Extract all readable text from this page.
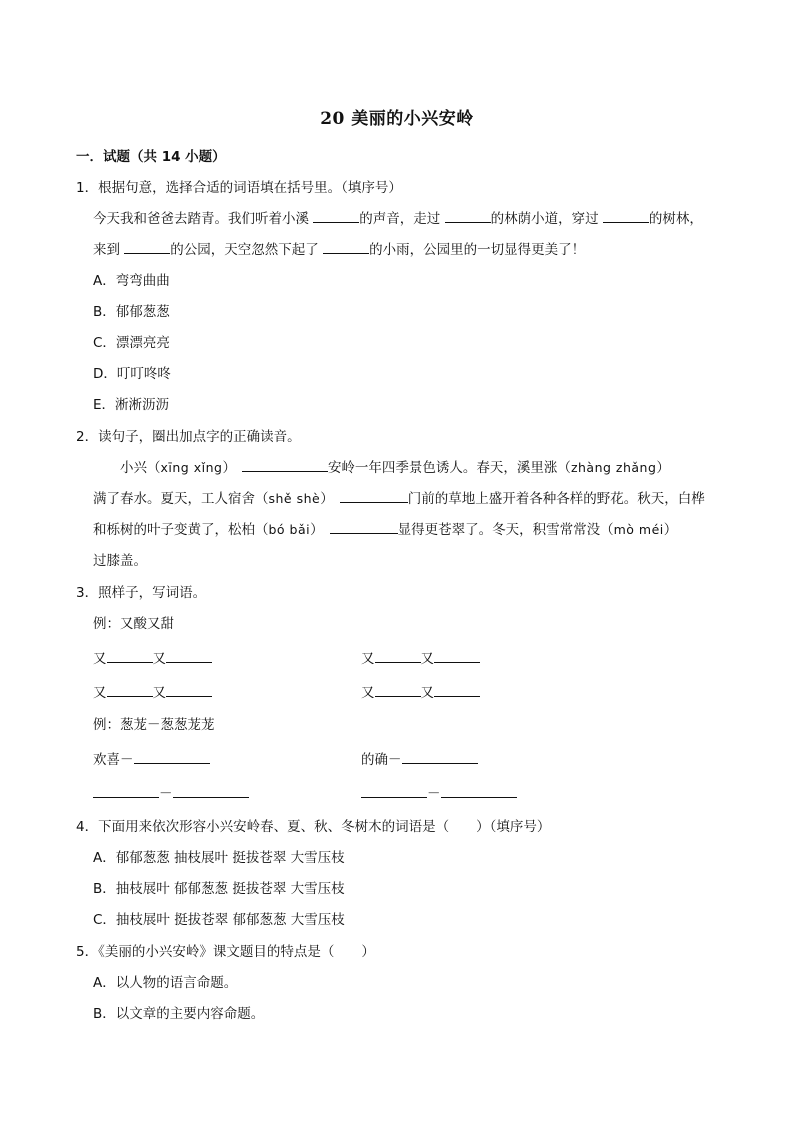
20 美丽的小兴安岭
一．试题（共 14 小题）
1．根据句意，选择合适的词语填在括号里。（填序号）
今天我和爸爸去踏青。我们听着小溪	的声音，走过	的林荫小道，穿过	的树林，
来到	的公园，天空忽然下起了	的小雨，公园里的一切显得更美了！
A．弯弯曲曲
B．郁郁葱葱
C．漂漂亮亮
D．叮叮咚咚
E．淅淅沥沥
2．读句子，圈出加点字的正确读音。
小兴（xīng xǐng）	安岭一年四季景色诱人。春天，溪里涨（zhàng zhǎng）
满了春水。夏天，工人宿舍（shě shè）	门前的草地上盛开着各种各样的野花。秋天，白桦
和栎树的叶子变黄了，松柏（bó bǎi）	显得更苍翠了。冬天，积雪常常没（mò méi）
过膝盖。
3．照样子，写词语。
例：又酸又甜
又	又	又	又
又	又	又	又
例：葱茏－葱葱茏茏
欢喜－	的确－
－	－
4．下面用来依次形容小兴安岭春、夏、秋、冬树木的词语是（　　）（填序号）
A．郁郁葱葱 抽枝展叶 挺拔苍翠 大雪压枝
B．抽枝展叶 郁郁葱葱 挺拔苍翠 大雪压枝
C．抽枝展叶 挺拔苍翠 郁郁葱葱 大雪压枝
5．《美丽的小兴安岭》课文题目的特点是（　　）
A．以人物的语言命题。
B．以文章的主要内容命题。
